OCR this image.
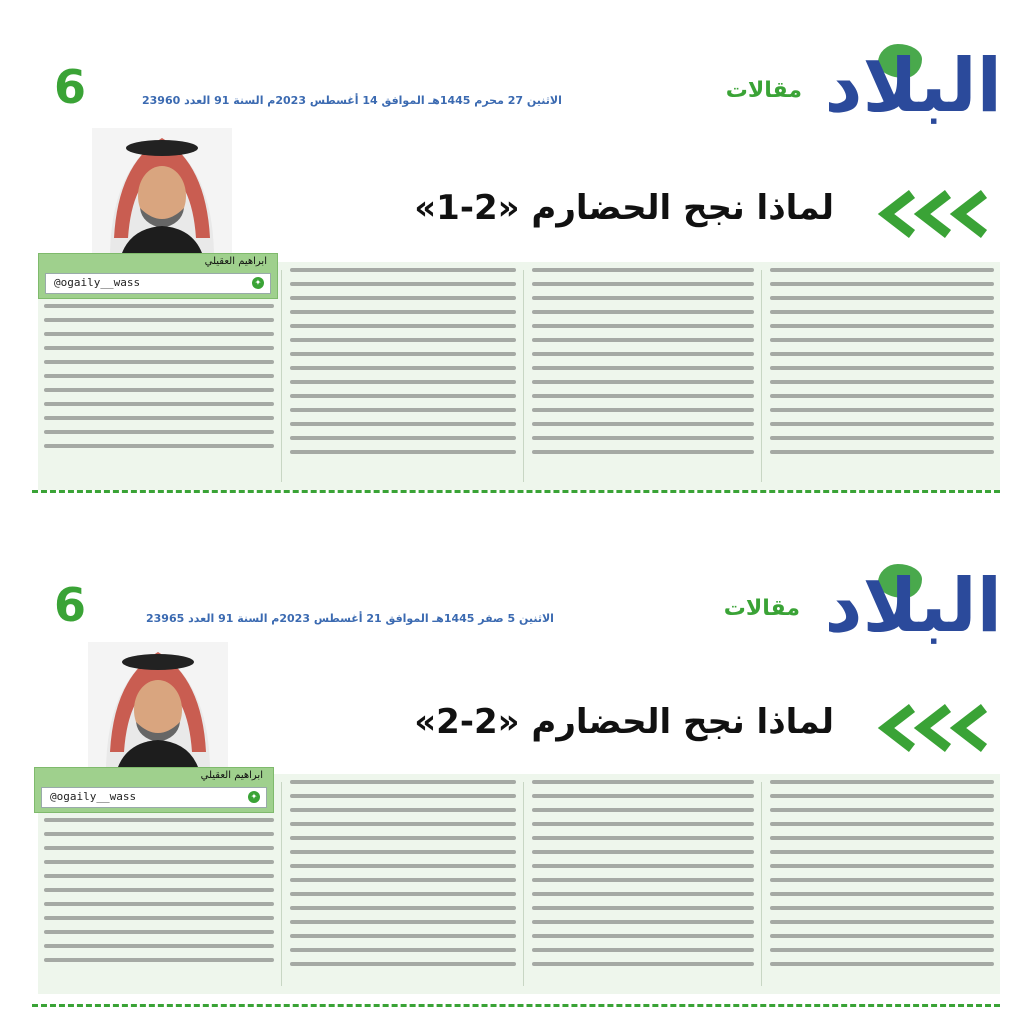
البلاد
مقالات
الاثنين 27 محرم 1445هـ الموافق 14 أغسطس 2023م السنة 91 العدد 23960
6
لماذا نجح الحضارم «2-1»
ابراهيم العقيلي
✦
@ogaily__wass
البلاد
مقالات
الاثنين 5 صفر 1445هـ الموافق 21 أغسطس 2023م السنة 91 العدد 23965
6
لماذا نجح الحضارم «2-2»
ابراهيم العقيلي
✦
@ogaily__wass
